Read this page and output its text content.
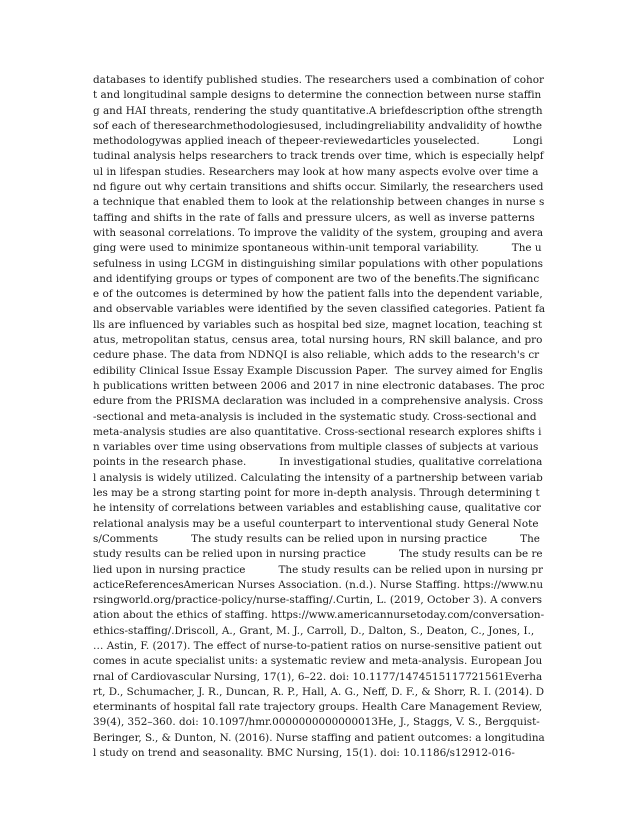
databases to identify published studies. The researchers used a combination of cohort and longitudinal sample designs to determine the connection between nurse staffing and HAI threats, rendering the study quantitative.A briefdescription ofthe strengthsof each of theresearchmethodologiesused, includingreliability andvalidity of howthemethodologywas applied ineach of thepeer-reviewedarticles youselected.          Longitudinal analysis helps researchers to track trends over time, which is especially helpful in lifespan studies. Researchers may look at how many aspects evolve over time and figure out why certain transitions and shifts occur. Similarly, the researchers used a technique that enabled them to look at the relationship between changes in nurse staffing and shifts in the rate of falls and pressure ulcers, as well as inverse patterns with seasonal correlations. To improve the validity of the system, grouping and averaging were used to minimize spontaneous within-unit temporal variability.          The usefulness in using LCGM in distinguishing similar populations with other populations and identifying groups or types of component are two of the benefits.The significance of the outcomes is determined by how the patient falls into the dependent variable, and observable variables were identified by the seven classified categories. Patient falls are influenced by variables such as hospital bed size, magnet location, teaching status, metropolitan status, census area, total nursing hours, RN skill balance, and procedure phase. The data from NDNQI is also reliable, which adds to the research's credibility Clinical Issue Essay Example Discussion Paper.  The survey aimed for English publications written between 2006 and 2017 in nine electronic databases. The procedure from the PRISMA declaration was included in a comprehensive analysis. Cross-sectional and meta-analysis is included in the systematic study. Cross-sectional and meta-analysis studies are also quantitative. Cross-sectional research explores shifts in variables over time using observations from multiple classes of subjects at various points in the research phase.          In investigational studies, qualitative correlational analysis is widely utilized. Calculating the intensity of a partnership between variables may be a strong starting point for more in-depth analysis. Through determining the intensity of correlations between variables and establishing cause, qualitative correlational analysis may be a useful counterpart to interventional study General Notes/Comments          The study results can be relied upon in nursing practice          The study results can be relied upon in nursing practice          The study results can be relied upon in nursing practice          The study results can be relied upon in nursing practiceReferencesAmerican Nurses Association. (n.d.). Nurse Staffing. https://www.nursingworld.org/practice-policy/nurse-staffing/.Curtin, L. (2019, October 3). A conversation about the ethics of staffing. https://www.americannursetoday.com/conversation-ethics-staffing/.Driscoll, A., Grant, M. J., Carroll, D., Dalton, S., Deaton, C., Jones, I., … Astin, F. (2017). The effect of nurse-to-patient ratios on nurse-sensitive patient outcomes in acute specialist units: a systematic review and meta-analysis. European Journal of Cardiovascular Nursing, 17(1), 6–22. doi: 10.1177/1474515117721561Everhart, D., Schumacher, J. R., Duncan, R. P., Hall, A. G., Neff, D. F., & Shorr, R. I. (2014). Determinants of hospital fall rate trajectory groups. Health Care Management Review, 39(4), 352–360. doi: 10.1097/hmr.0000000000000013He, J., Staggs, V. S., Bergquist-Beringer, S., & Dunton, N. (2016). Nurse staffing and patient outcomes: a longitudinal study on trend and seasonality. BMC Nursing, 15(1). doi: 10.1186/s12912-016-
